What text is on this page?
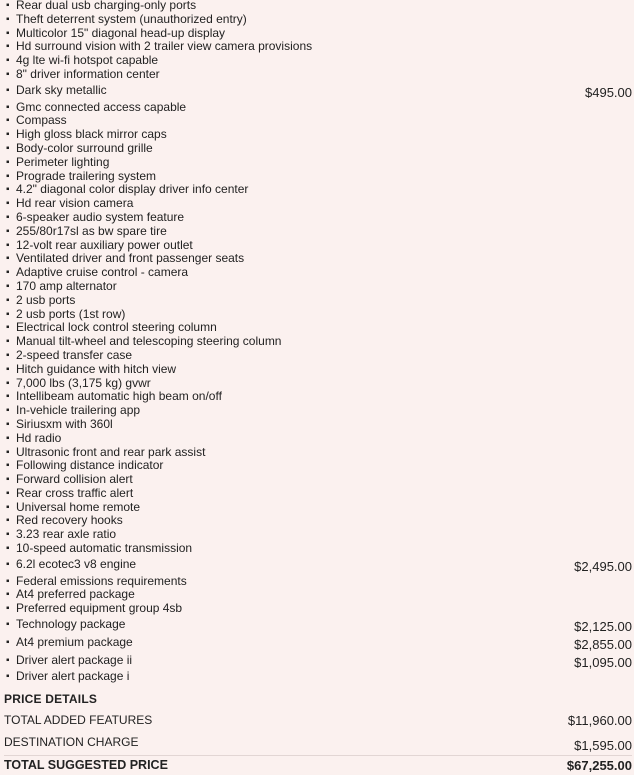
▪ Rear dual usb charging-only ports
▪ Theft deterrent system (unauthorized entry)
▪ Multicolor 15" diagonal head-up display
▪ Hd surround vision with 2 trailer view camera provisions
▪ 4g lte wi-fi hotspot capable
▪ 8" driver information center
▪ Dark sky metallic	$495.00
▪ Gmc connected access capable
▪ Compass
▪ High gloss black mirror caps
▪ Body-color surround grille
▪ Perimeter lighting
▪ Prograde trailering system
▪ 4.2" diagonal color display driver info center
▪ Hd rear vision camera
▪ 6-speaker audio system feature
▪ 255/80r17sl as bw spare tire
▪ 12-volt rear auxiliary power outlet
▪ Ventilated driver and front passenger seats
▪ Adaptive cruise control - camera
▪ 170 amp alternator
▪ 2 usb ports
▪ 2 usb ports (1st row)
▪ Electrical lock control steering column
▪ Manual tilt-wheel and telescoping steering column
▪ 2-speed transfer case
▪ Hitch guidance with hitch view
▪ 7,000 lbs (3,175 kg) gvwr
▪ Intellibeam automatic high beam on/off
▪ In-vehicle trailering app
▪ Siriusxm with 360l
▪ Hd radio
▪ Ultrasonic front and rear park assist
▪ Following distance indicator
▪ Forward collision alert
▪ Rear cross traffic alert
▪ Universal home remote
▪ Red recovery hooks
▪ 3.23 rear axle ratio
▪ 10-speed automatic transmission
▪ 6.2l ecotec3 v8 engine	$2,495.00
▪ Federal emissions requirements
▪ At4 preferred package
▪ Preferred equipment group 4sb
▪ Technology package	$2,125.00
▪ At4 premium package	$2,855.00
▪ Driver alert package ii	$1,095.00
▪ Driver alert package i
PRICE DETAILS
TOTAL ADDED FEATURES	$11,960.00
DESTINATION CHARGE	$1,595.00
TOTAL SUGGESTED PRICE	$67,255.00
